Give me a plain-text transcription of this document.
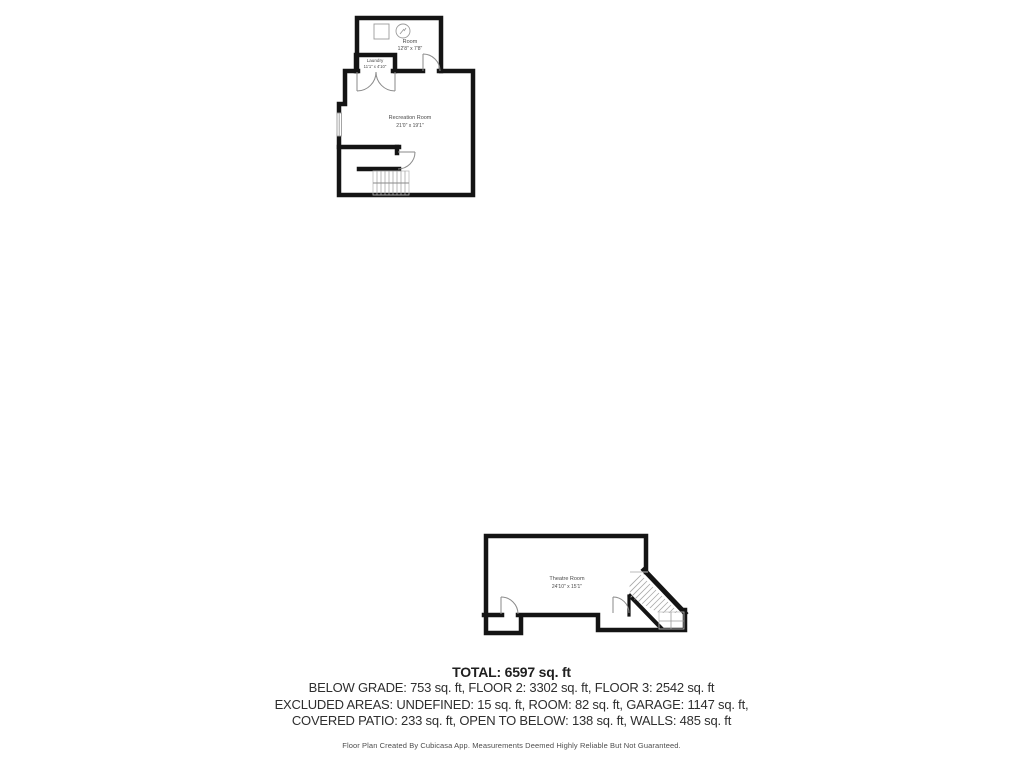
Room
12'8" x 7'8"
Laundry
11'1" x 4'10"
Recreation Room
21'0" x 19'1"
Theatre Room
24'10" x 15'1"
TOTAL: 6597 sq. ft
BELOW GRADE: 753 sq. ft, FLOOR 2: 3302 sq. ft, FLOOR 3: 2542 sq. ft
EXCLUDED AREAS: UNDEFINED: 15 sq. ft, ROOM: 82 sq. ft, GARAGE: 1147 sq. ft,
COVERED PATIO: 233 sq. ft, OPEN TO BELOW: 138 sq. ft, WALLS: 485 sq. ft
Floor Plan Created By Cubicasa App. Measurements Deemed Highly Reliable But Not Guaranteed.
